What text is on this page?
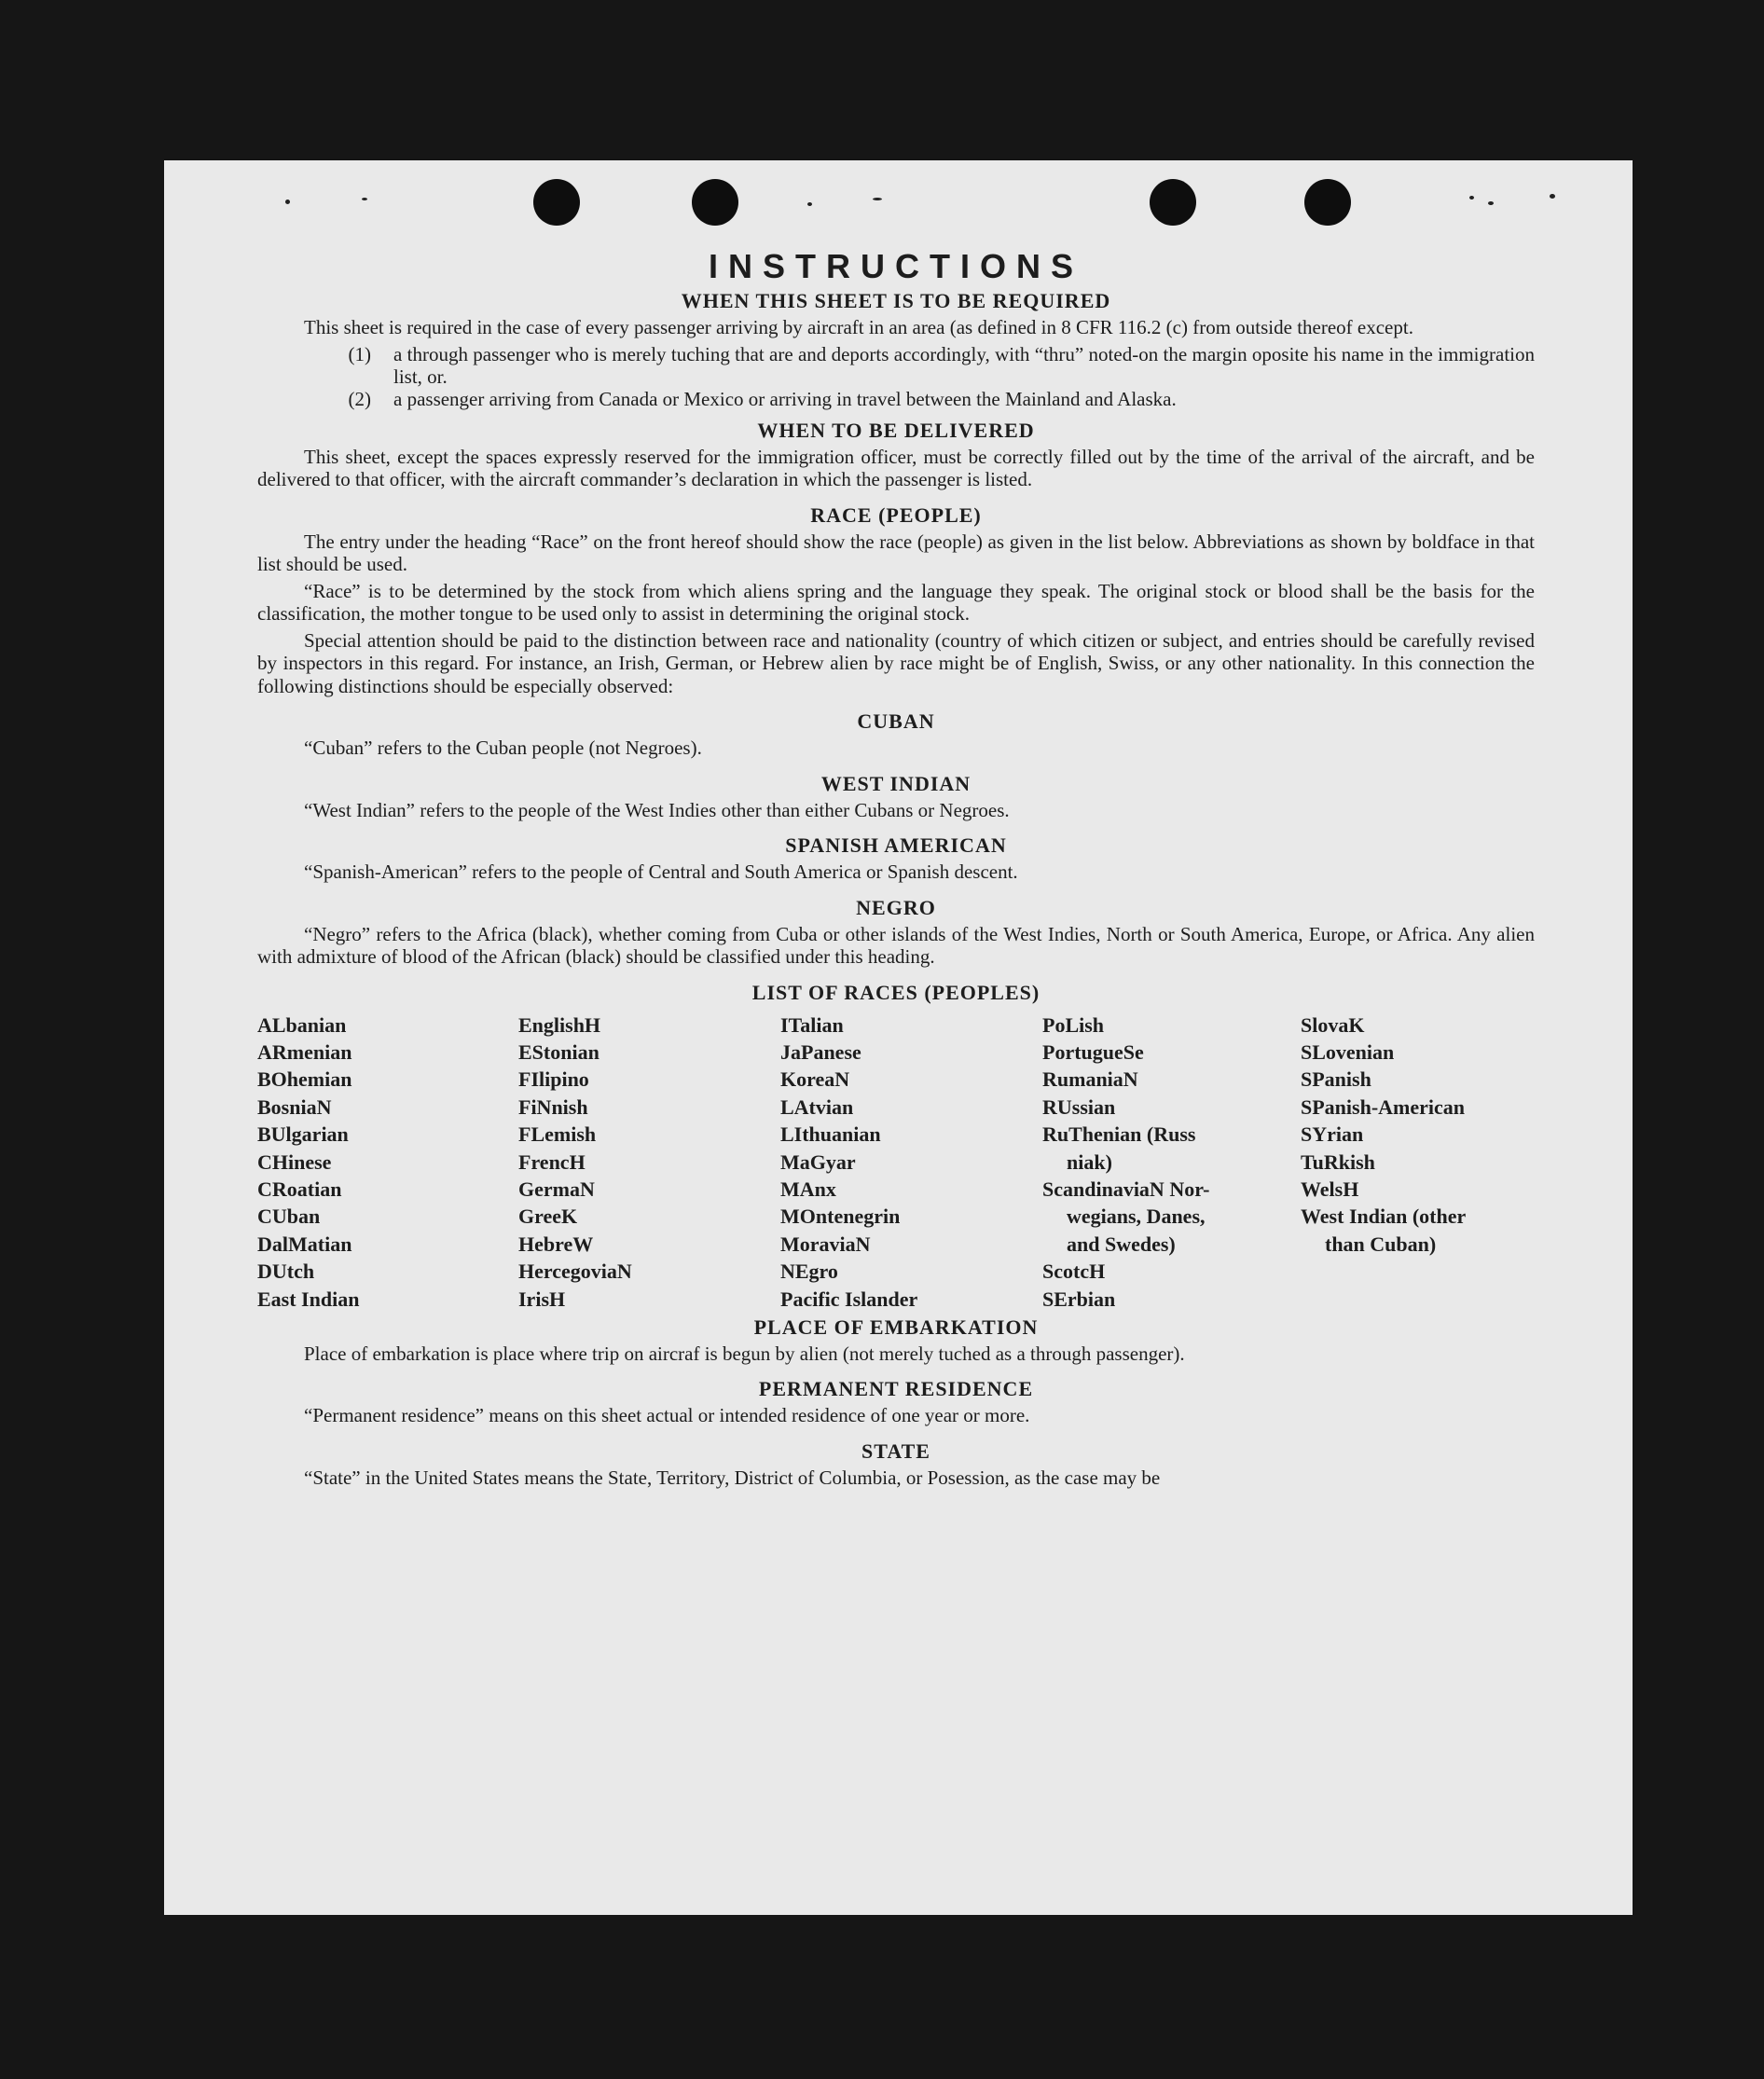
INSTRUCTIONS
WHEN THIS SHEET IS TO BE REQUIRED

This sheet is required in the case of every passenger arriving by aircraft in an area (as defined in 8 CFR 116.2 (c) from outside thereof except.

(1)	a through passenger who is merely tuching that are and deports accordingly, with “thru” noted-on the margin oposite his name in the immigration list, or.
(2)	a passenger arriving from Canada or Mexico or arriving in travel between the Mainland and Alaska.
WHEN TO BE DELIVERED

This sheet, except the spaces expressly reserved for the immigration officer, must be correctly filled out by the time of the arrival of the aircraft, and be delivered to that officer, with the aircraft commander’s declaration in which the passenger is listed.

RACE (PEOPLE)

The entry under the heading “Race” on the front hereof should show the race (people) as given in the list below. Abbreviations as shown by boldface in that list should be used.

“Race” is to be determined by the stock from which aliens spring and the language they speak. The original stock or blood shall be the basis for the classification, the mother tongue to be used only to assist in determining the original stock.

Special attention should be paid to the distinction between race and nationality (country of which citizen or subject, and entries should be carefully revised by inspectors in this regard. For instance, an Irish, German, or Hebrew alien by race might be of English, Swiss, or any other nationality. In this connection the following distinctions should be especially observed:

CUBAN

“Cuban” refers to the Cuban people (not Negroes).

WEST INDIAN

“West Indian” refers to the people of the West Indies other than either Cubans or Negroes.

SPANISH AMERICAN

“Spanish-American” refers to the people of Central and South America or Spanish descent.

NEGRO

“Negro” refers to the Africa (black), whether coming from Cuba or other islands of the West Indies, North or South America, Europe, or Africa. Any alien with admixture of blood of the African (black) should be classified under this heading.

LIST OF RACES (PEOPLES)
ALbanian
ARmenian
BOhemian
BosniaN
BUlgarian
CHinese
CRoatian
CUban
DalMatian
DUtch
East Indian
EnglishH
EStonian
FIlipino
FiNnish
FLemish
FrencH
GermaN
GreeK
HebreW
HercegoviaN
IrisH
ITalian
JaPanese
KoreaN
LAtvian
LIthuanian
MaGyar
MAnx
MOntenegrin
MoraviaN
NEgro
Pacific Islander
PoLish
PortugueSe
RumaniaN
RUssian
RuThenian (Russ
niak)
ScandinaviaN Nor-
wegians, Danes,
and Swedes)
ScotcH
SErbian
SlovaK
SLovenian
SPanish
SPanish-American
SYrian
TuRkish
WelsH
West Indian (other
than Cuban)
PLACE OF EMBARKATION

Place of embarkation is place where trip on aircraf is begun by alien (not merely tuched as a through passenger).

PERMANENT RESIDENCE

“Permanent residence” means on this sheet actual or intended residence of one year or more.

STATE

“State” in the United States means the State, Territory, District of Columbia, or Posession, as the case may be
